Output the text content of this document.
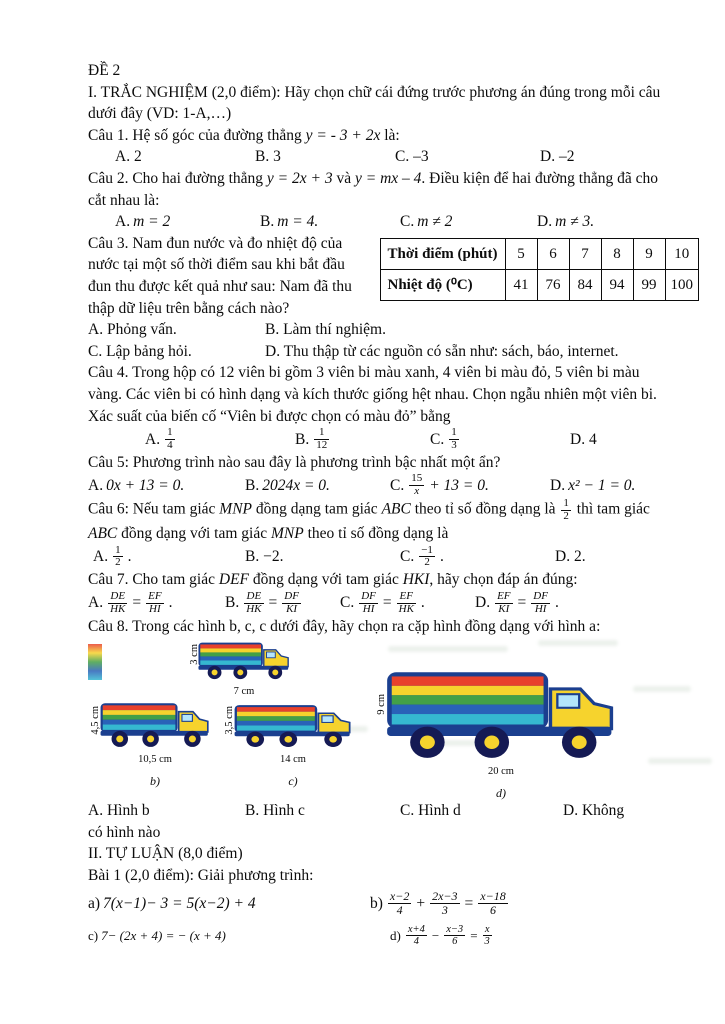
ĐỀ 2

I. TRẮC NGHIỆM (2,0 điểm): Hãy chọn chữ cái đứng trước phương án đúng trong mỗi câu dưới đây (VD: 1-A,…)

Câu 1. Hệ số góc của đường thẳng y = - 3 + 2x là:

A. 2	B. 3	C. –3	D. –2

Câu 2. Cho hai đường thẳng y = 2x + 3 và y = mx – 4. Điều kiện để hai đường thẳng đã cho cắt nhau là:

A. m = 2	B. m = 4.	C. m ≠ 2	D. m ≠ 3.

Câu 3. Nam đun nước và đo nhiệt độ của nước tại một số thời điểm sau khi bắt đầu đun thu được kết quả như sau: Nam đã thu thập dữ liệu trên bằng cách nào?

Thời điểm (phút)	5	6	7	8	9	10
Nhiệt độ (⁰C)	41	76	84	94	99	100
A. Phỏng vấn.	B. Làm thí nghiệm.
C. Lập bảng hỏi.	D. Thu thập từ các nguồn có sẵn như: sách, báo, internet.

Câu 4. Trong hộp có 12 viên bi gồm 3 viên bi màu xanh, 4 viên bi màu đỏ, 5 viên bi màu vàng. Các viên bi có hình dạng và kích thước giống hệt nhau. Chọn ngẫu nhiên một viên bi. Xác suất của biến cố “Viên bi được chọn có màu đỏ” bằng

A. $\frac{1}{4}$	B. $\frac{1}{12}$	C. $\frac{1}{3}$	D. 4

Câu 5: Phương trình nào sau đây là phương trình bậc nhất một ẩn?

A. 0x + 13 = 0.	B. 2024x = 0.	C. $\frac{15}{x} + 13 = 0$.	D. x² − 1 = 0.

Câu 6: Nếu tam giác MNP đồng dạng tam giác ABC theo tỉ số đồng dạng là $\frac{1}{2}$ thì tam giác ABC đồng dạng với tam giác MNP theo tỉ số đồng dạng là

A. $\frac{1}{2}$ .	B. −2.	C. $\frac{-1}{2}$ .	D. 2.

Câu 7. Cho tam giác DEF đồng dạng với tam giác HKI, hãy chọn đáp án đúng:

A. $\frac{DE}{HK} = \frac{EF}{HI}$ .	B. $\frac{DE}{HK} = \frac{DF}{KI}$	C. $\frac{DF}{HI} = \frac{EF}{HK}$ .	D. $\frac{EF}{KI} = \frac{DF}{HI}$ .

Câu 8. Trong các hình b, c, c dưới đây, hãy chọn ra cặp hình đồng dạng với hình a:

3 cm
7 cm
4,5 cm
10,5 cm
b)
3,5 cm
14 cm
c)
9 cm
20 cm
d)
A. Hình b	B. Hình c	C. Hình d	D. Không

có hình nào

II. TỰ LUẬN (8,0 điểm)

Bài 1 (2,0 điểm): Giải phương trình:

a) 7(x−1)− 3 = 5(x−2) + 4	$b) \frac{x-2}{4} + \frac{2x-3}{3} = \frac{x-18}{6}$
c) 7− (2x + 4) = − (x + 4)	$d) \frac{x+4}{4} - \frac{x-3}{6} = \frac{x}{3}$
